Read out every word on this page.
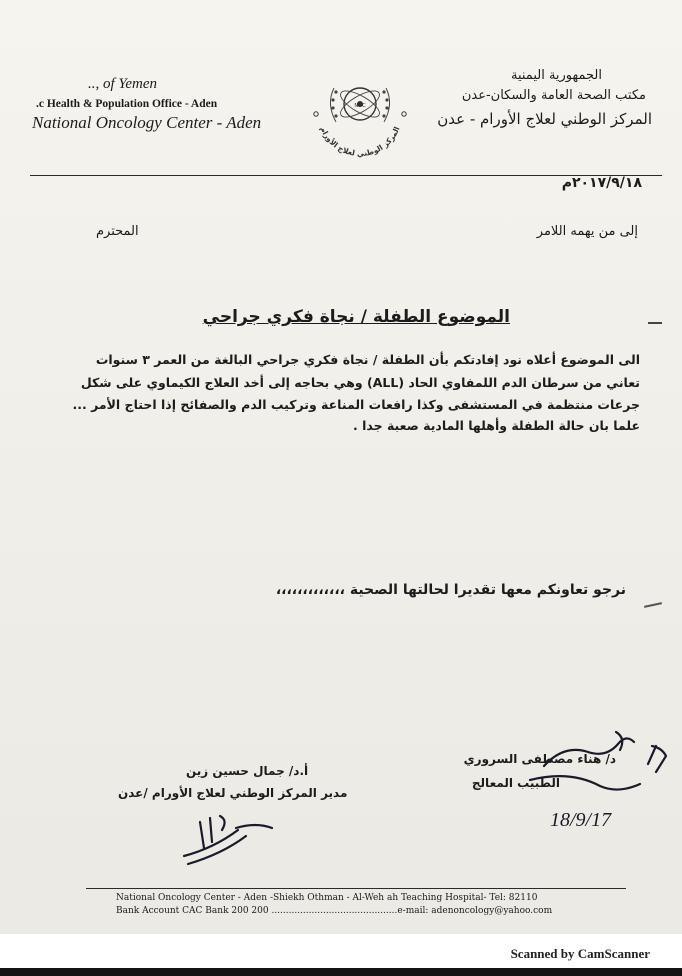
.., of Yemen
.c Health & Population Office - Aden
National Oncology Center - Aden
الجمهورية اليمنية
مكتب الصحة العامة والسكان-عدن
المركز الوطني لعلاج الأورام - عدن
NOC
المركز الوطني لعلاج الأورام
٢٠١٧/٩/١٨م
إلى من يهمه اللامر
المحترم
الموضوع الطفلة / نجاة فكري جراحي
الى الموضوع أعلاه نود إفادتكم بأن الطفلة / نجاة فكري جراحي البالغة من العمر ٣ سنوات
تعاني من سرطان الدم اللمفاوي الحاد (ALL) وهي بحاجه إلى أخد العلاج الكيماوي على شكل
جرعات منتظمة في المستشفى وكذا رافعات المناعة وتركيب الدم والصفائح إذا احتاج الأمر ...
علما بان حالة الطفلة وأهلها المادية صعبة جدا .
نرجو تعاونكم معها تقديرا لحالتها الصحية ،،،،،،،،،،،،،
أ.د/ جمال حسين زين
مدير المركز الوطني لعلاج الأورام /عدن
د/ هناء مصطفى السروري
الطبيب المعالج
18/9/17
National Oncology Center - Aden -Shiekh Othman - Al-Weh ah Teaching Hospital- Tel: 82110
Bank Account CAC Bank 200 200 ............................................e-mail: adenoncology@yahoo.com
Scanned by CamScanner
